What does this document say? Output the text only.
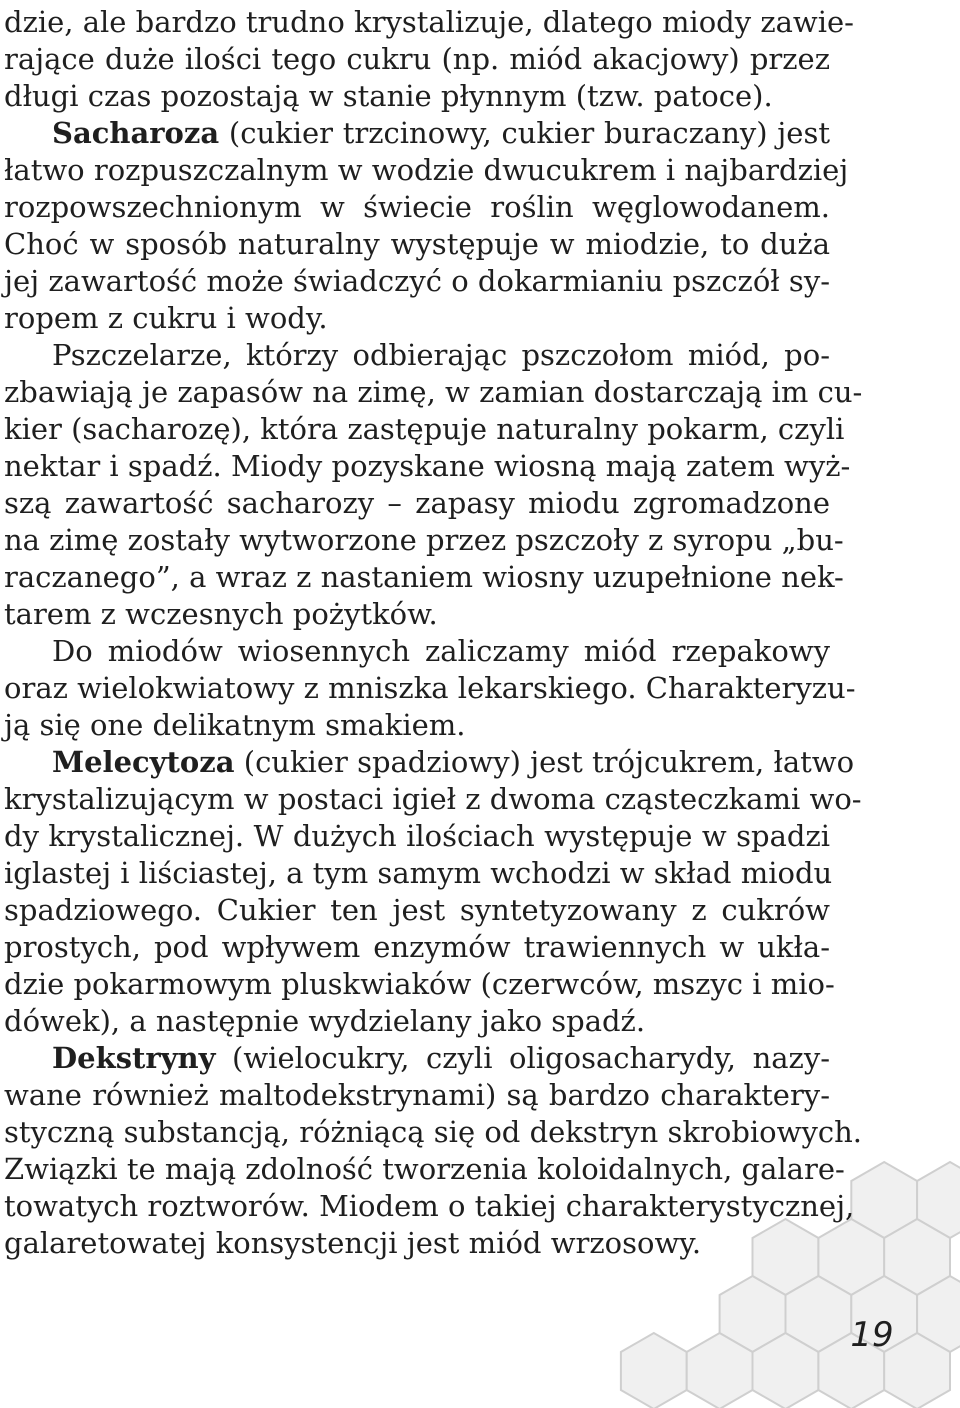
dzie, ale bardzo trudno krystalizuje, dlatego miody zawie-
rające duże ilości tego cukru (np. miód akacjowy) przez
długi czas pozostają w stanie płynnym (tzw. patoce).
Sacharoza (cukier trzcinowy, cukier buraczany) jest
łatwo rozpuszczalnym w wodzie dwucukrem i najbardziej
rozpowszechnionym w świecie roślin węglowodanem.
Choć w sposób naturalny występuje w miodzie, to duża
jej zawartość może świadczyć o dokarmianiu pszczół sy-
ropem z cukru i wody.
Pszczelarze, którzy odbierając pszczołom miód, po-
zbawiają je zapasów na zimę, w zamian dostarczają im cu-
kier (sacharozę), która zastępuje naturalny pokarm, czyli
nektar i spadź. Miody pozyskane wiosną mają zatem wyż-
szą zawartość sacharozy – zapasy miodu zgromadzone
na zimę zostały wytworzone przez pszczoły z syropu „bu-
raczanego”, a wraz z nastaniem wiosny uzupełnione nek-
tarem z wczesnych pożytków.
Do miodów wiosennych zaliczamy miód rzepakowy
oraz wielokwiatowy z mniszka lekarskiego. Charakteryzu-
ją się one delikatnym smakiem.
Melecytoza (cukier spadziowy) jest trójcukrem, łatwo
krystalizującym w postaci igieł z dwoma cząsteczkami wo-
dy krystalicznej. W dużych ilościach występuje w spadzi
iglastej i liściastej, a tym samym wchodzi w skład miodu
spadziowego. Cukier ten jest syntetyzowany z cukrów
prostych, pod wpływem enzymów trawiennych w ukła-
dzie pokarmowym pluskwiaków (czerwców, mszyc i mio-
dówek), a następnie wydzielany jako spadź.
Dekstryny (wielocukry, czyli oligosacharydy, nazy-
wane również maltodekstrynami) są bardzo charaktery-
styczną substancją, różniącą się od dekstryn skrobiowych.
Związki te mają zdolność tworzenia koloidalnych, galare-
towatych roztworów. Miodem o takiej charakterystycznej,
galaretowatej konsystencji jest miód wrzosowy.
19
